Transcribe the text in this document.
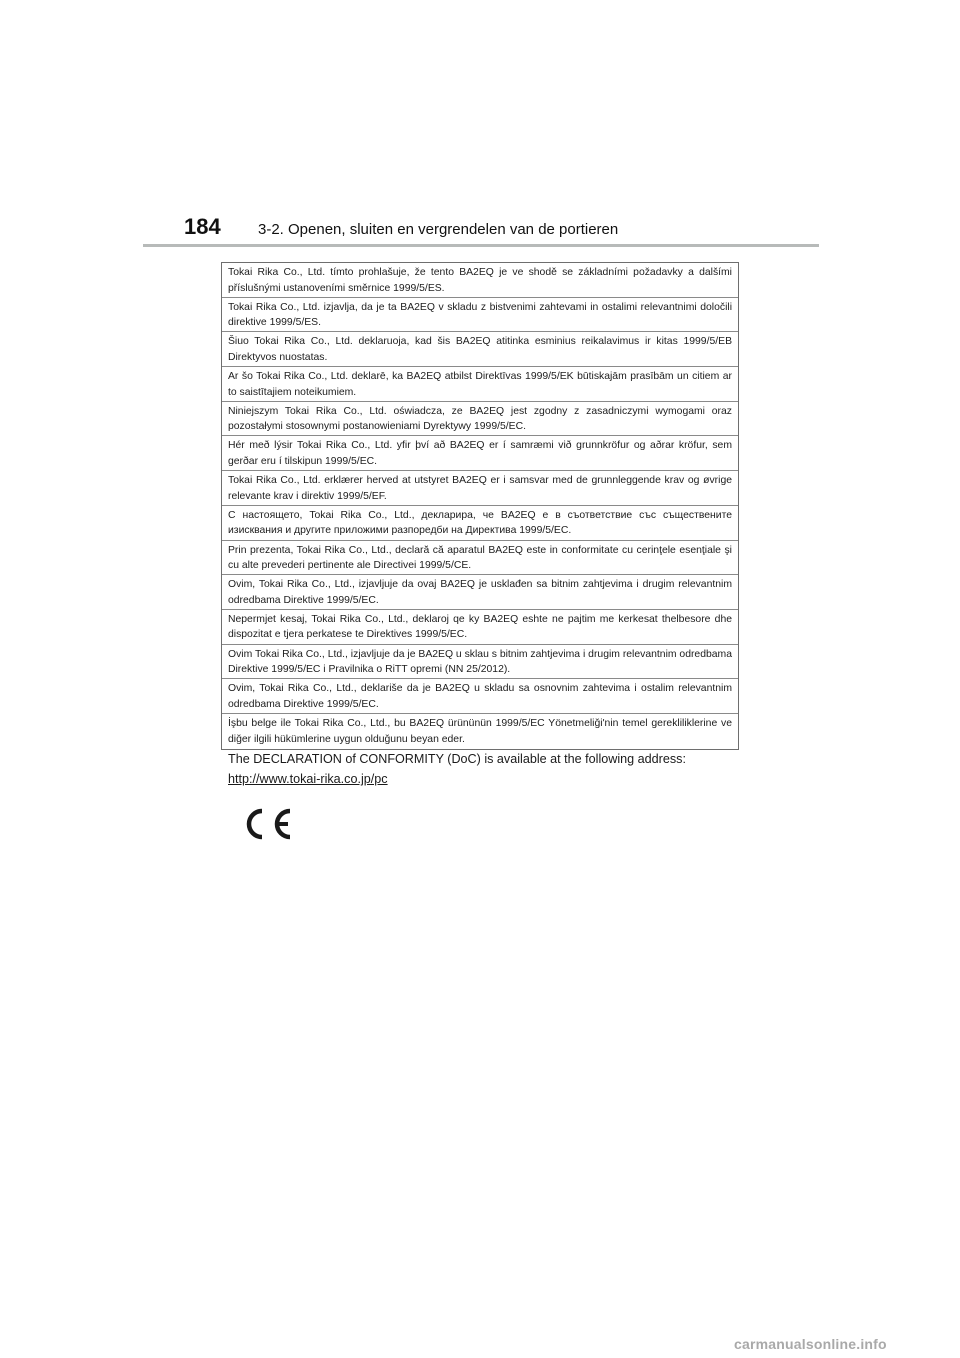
184 3-2. Openen, sluiten en vergrendelen van de portieren
Tokai Rika Co., Ltd. tímto prohlašuje, že tento BA2EQ je ve shodě se základními požadavky a dalšími příslušnými ustanoveními směrnice 1999/5/ES.
Tokai Rika Co., Ltd. izjavlja, da je ta BA2EQ v skladu z bistvenimi zahtevami in ostalimi relevantnimi določili direktive 1999/5/ES.
Šiuo Tokai Rika Co., Ltd. deklaruoja, kad šis BA2EQ atitinka esminius reikalavimus ir kitas 1999/5/EB Direktyvos nuostatas.
Ar šo Tokai Rika Co., Ltd. deklarē, ka BA2EQ atbilst Direktīvas 1999/5/EK būtiskajām prasībām un citiem ar to saistītajiem noteikumiem.
Niniejszym Tokai Rika Co., Ltd. oświadcza, ze BA2EQ jest zgodny z zasadniczymi wymogami oraz pozostałymi stosownymi postanowieniami Dyrektywy 1999/5/EC.
Hér með lýsir Tokai Rika Co., Ltd. yfir því að BA2EQ er í samræmi við grunnkröfur og aðrar kröfur, sem gerðar eru í tilskipun 1999/5/EC.
Tokai Rika Co., Ltd. erklærer herved at utstyret BA2EQ er i samsvar med de grunnleggende krav og øvrige relevante krav i direktiv 1999/5/EF.
С настоящето, Tokai Rika Co., Ltd., декларира, че BA2EQ е в съответствие със съществените изисквания и другите приложими разпоредби на Директива 1999/5/ЕС.
Prin prezenta, Tokai Rika Co., Ltd., declară că aparatul BA2EQ este in conformitate cu cerinţele esenţiale şi cu alte prevederi pertinente ale Directivei 1999/5/CE.
Ovim, Tokai Rika Co., Ltd., izjavljuje da ovaj BA2EQ je usklađen sa bitnim zahtjevima i drugim relevantnim odredbama Direktive 1999/5/EC.
Nepermjet kesaj, Tokai Rika Co., Ltd., deklaroj qe ky BA2EQ eshte ne pajtim me kerkesat thelbesore dhe dispozitat e tjera perkatese te Direktives 1999/5/EC.
Ovim Tokai Rika Co., Ltd., izjavljuje da je BA2EQ u sklau s bitnim zahtjevima i drugim relevantnim odredbama Direktive 1999/5/EC i Pravilnika o RiTT opremi (NN 25/2012).
Ovim, Tokai Rika Co., Ltd., deklariše da je BA2EQ u skladu sa osnovnim zahtevima i ostalim relevantnim odredbama Direktive 1999/5/EC.
İşbu belge ile Tokai Rika Co., Ltd., bu BA2EQ ürününün 1999/5/EC Yönetmeliği'nin temel gerekliliklerine ve diğer ilgili hükümlerine uygun olduğunu beyan eder.
The DECLARATION of CONFORMITY (DoC) is available at the following address:
http://www.tokai-rika.co.jp/pc
carmanualsonline.info
